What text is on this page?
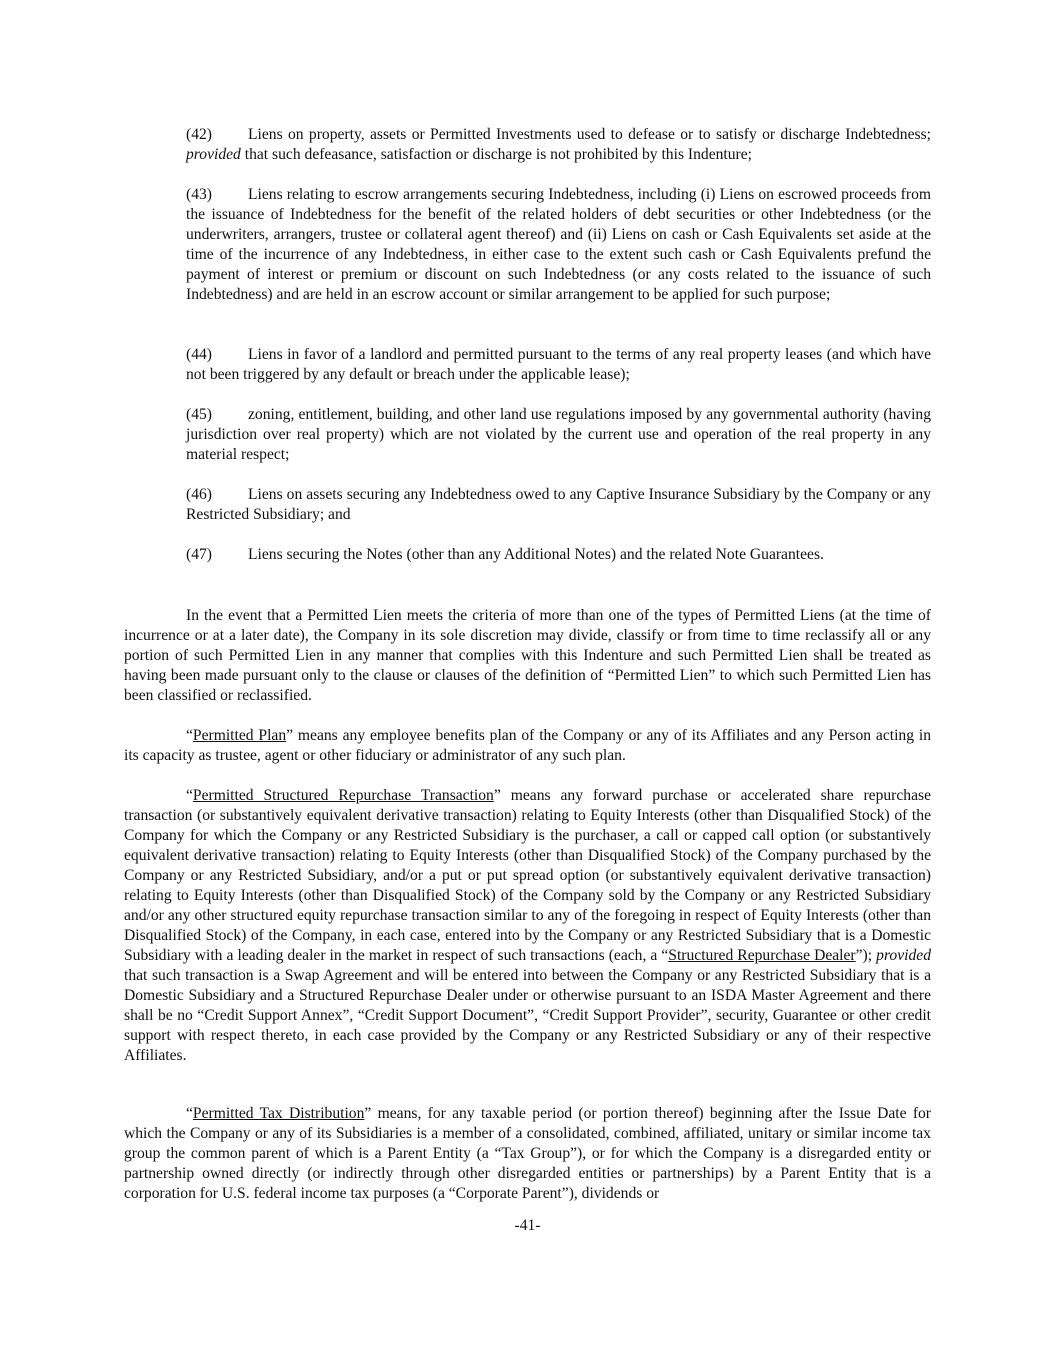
(42) Liens on property, assets or Permitted Investments used to defease or to satisfy or discharge Indebtedness; provided that such defeasance, satisfaction or discharge is not prohibited by this Indenture;
(43) Liens relating to escrow arrangements securing Indebtedness, including (i) Liens on escrowed proceeds from the issuance of Indebtedness for the benefit of the related holders of debt securities or other Indebtedness (or the underwriters, arrangers, trustee or collateral agent thereof) and (ii) Liens on cash or Cash Equivalents set aside at the time of the incurrence of any Indebtedness, in either case to the extent such cash or Cash Equivalents prefund the payment of interest or premium or discount on such Indebtedness (or any costs related to the issuance of such Indebtedness) and are held in an escrow account or similar arrangement to be applied for such purpose;
(44) Liens in favor of a landlord and permitted pursuant to the terms of any real property leases (and which have not been triggered by any default or breach under the applicable lease);
(45) zoning, entitlement, building, and other land use regulations imposed by any governmental authority (having jurisdiction over real property) which are not violated by the current use and operation of the real property in any material respect;
(46) Liens on assets securing any Indebtedness owed to any Captive Insurance Subsidiary by the Company or any Restricted Subsidiary; and
(47) Liens securing the Notes (other than any Additional Notes) and the related Note Guarantees.
In the event that a Permitted Lien meets the criteria of more than one of the types of Permitted Liens (at the time of incurrence or at a later date), the Company in its sole discretion may divide, classify or from time to time reclassify all or any portion of such Permitted Lien in any manner that complies with this Indenture and such Permitted Lien shall be treated as having been made pursuant only to the clause or clauses of the definition of “Permitted Lien” to which such Permitted Lien has been classified or reclassified.
“Permitted Plan” means any employee benefits plan of the Company or any of its Affiliates and any Person acting in its capacity as trustee, agent or other fiduciary or administrator of any such plan.
“Permitted Structured Repurchase Transaction” means any forward purchase or accelerated share repurchase transaction (or substantively equivalent derivative transaction) relating to Equity Interests (other than Disqualified Stock) of the Company for which the Company or any Restricted Subsidiary is the purchaser, a call or capped call option (or substantively equivalent derivative transaction) relating to Equity Interests (other than Disqualified Stock) of the Company purchased by the Company or any Restricted Subsidiary, and/or a put or put spread option (or substantively equivalent derivative transaction) relating to Equity Interests (other than Disqualified Stock) of the Company sold by the Company or any Restricted Subsidiary and/or any other structured equity repurchase transaction similar to any of the foregoing in respect of Equity Interests (other than Disqualified Stock) of the Company, in each case, entered into by the Company or any Restricted Subsidiary that is a Domestic Subsidiary with a leading dealer in the market in respect of such transactions (each, a “Structured Repurchase Dealer”); provided that such transaction is a Swap Agreement and will be entered into between the Company or any Restricted Subsidiary that is a Domestic Subsidiary and a Structured Repurchase Dealer under or otherwise pursuant to an ISDA Master Agreement and there shall be no “Credit Support Annex”, “Credit Support Document”, “Credit Support Provider”, security, Guarantee or other credit support with respect thereto, in each case provided by the Company or any Restricted Subsidiary or any of their respective Affiliates.
“Permitted Tax Distribution” means, for any taxable period (or portion thereof) beginning after the Issue Date for which the Company or any of its Subsidiaries is a member of a consolidated, combined, affiliated, unitary or similar income tax group the common parent of which is a Parent Entity (a “Tax Group”), or for which the Company is a disregarded entity or partnership owned directly (or indirectly through other disregarded entities or partnerships) by a Parent Entity that is a corporation for U.S. federal income tax purposes (a “Corporate Parent”), dividends or
-41-
